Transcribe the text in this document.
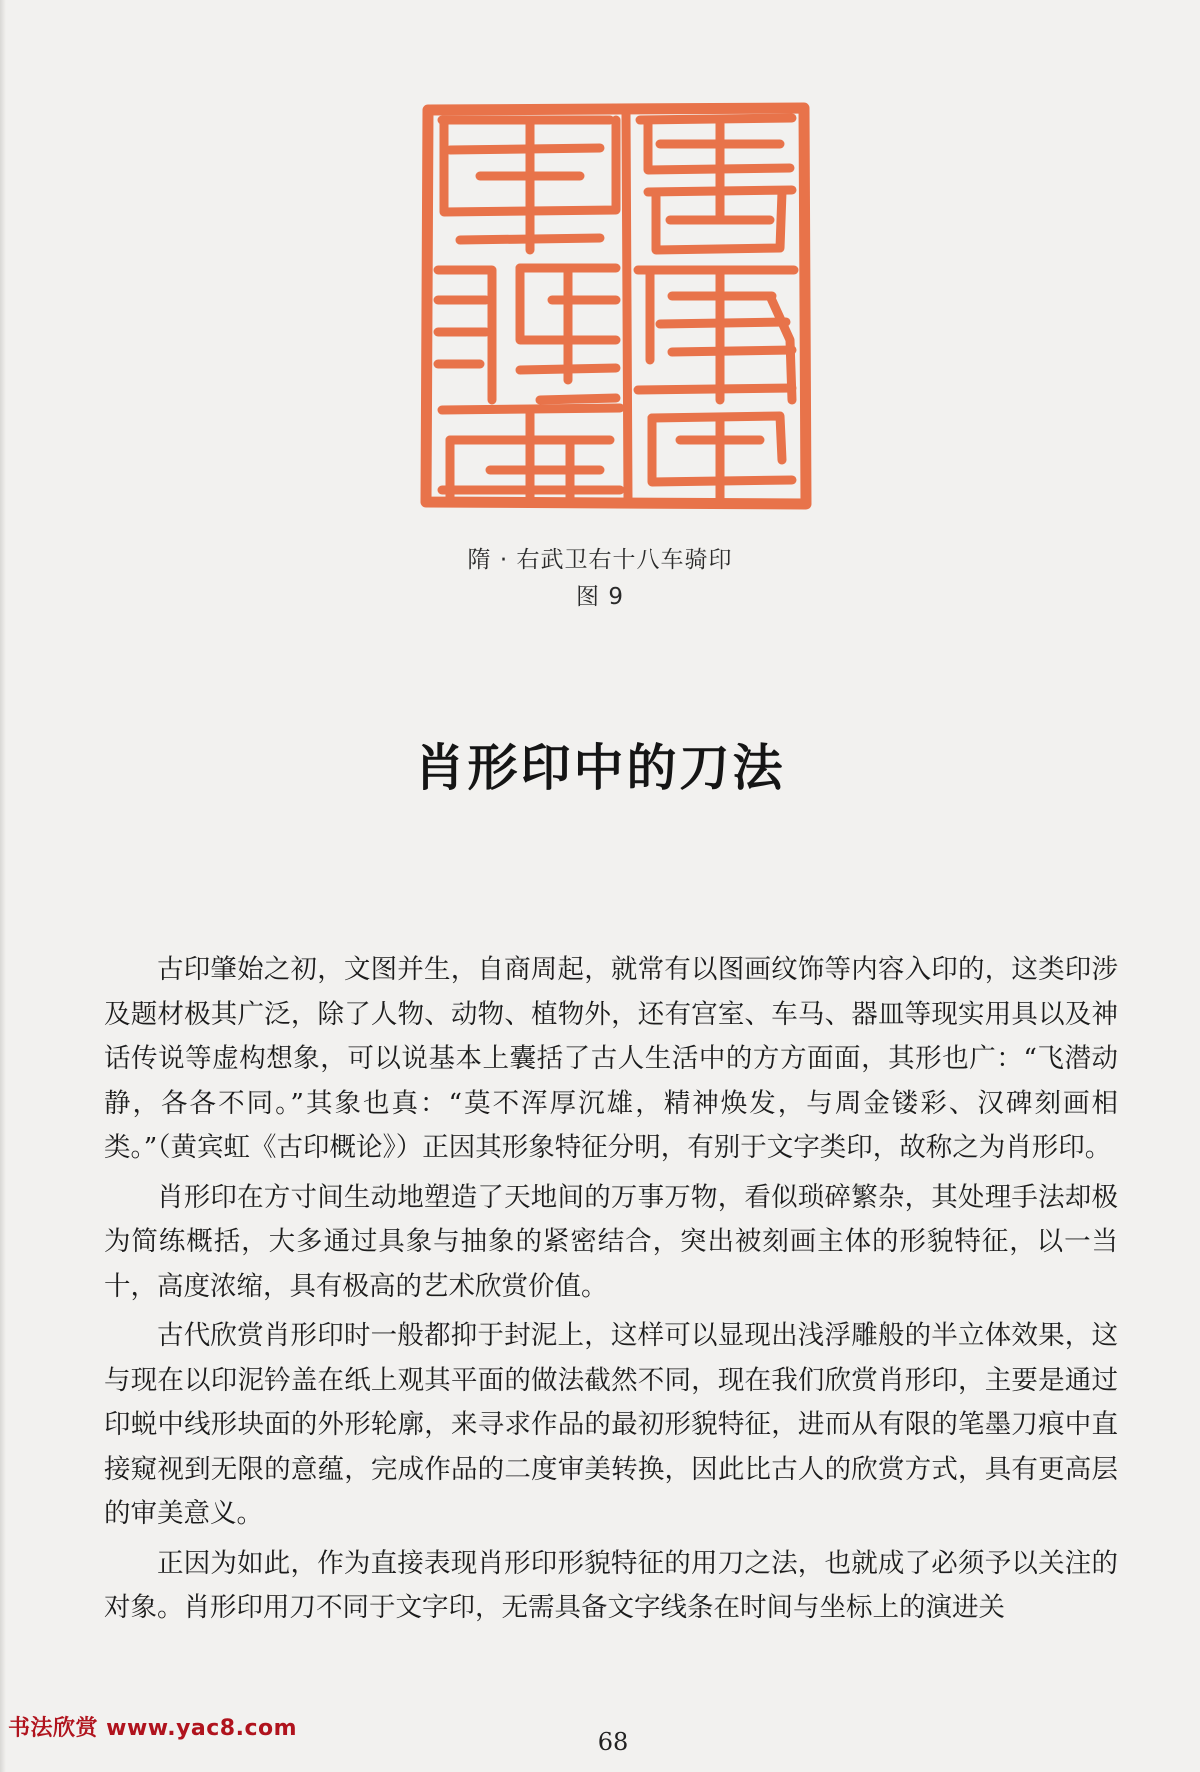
隋 · 右武卫右十八车骑印
图 9
肖形印中的刀法

古印肇始之初，文图并生，自商周起，就常有以图画纹饰等内容入印的，这类印涉及题材极其广泛，除了人物、动物、植物外，还有宫室、车马、器皿等现实用具以及神话传说等虚构想象，可以说基本上囊括了古人生活中的方方面面，其形也广：“飞潜动静，各各不同。”其象也真：“莫不浑厚沉雄，精神焕发，与周金镂彩、汉碑刻画相类。”（黄宾虹《古印概论》）正因其形象特征分明，有别于文字类印，故称之为肖形印。

肖形印在方寸间生动地塑造了天地间的万事万物，看似琐碎繁杂，其处理手法却极为简练概括，大多通过具象与抽象的紧密结合，突出被刻画主体的形貌特征，以一当十，高度浓缩，具有极高的艺术欣赏价值。

古代欣赏肖形印时一般都抑于封泥上，这样可以显现出浅浮雕般的半立体效果，这与现在以印泥钤盖在纸上观其平面的做法截然不同，现在我们欣赏肖形印，主要是通过印蜕中线形块面的外形轮廓，来寻求作品的最初形貌特征，进而从有限的笔墨刀痕中直接窥视到无限的意蕴，完成作品的二度审美转换，因此比古人的欣赏方式，具有更高层的审美意义。

正因为如此，作为直接表现肖形印形貌特征的用刀之法，也就成了必须予以关注的对象。肖形印用刀不同于文字印，无需具备文字线条在时间与坐标上的演进关

书法欣赏 www.yac8.com	68
